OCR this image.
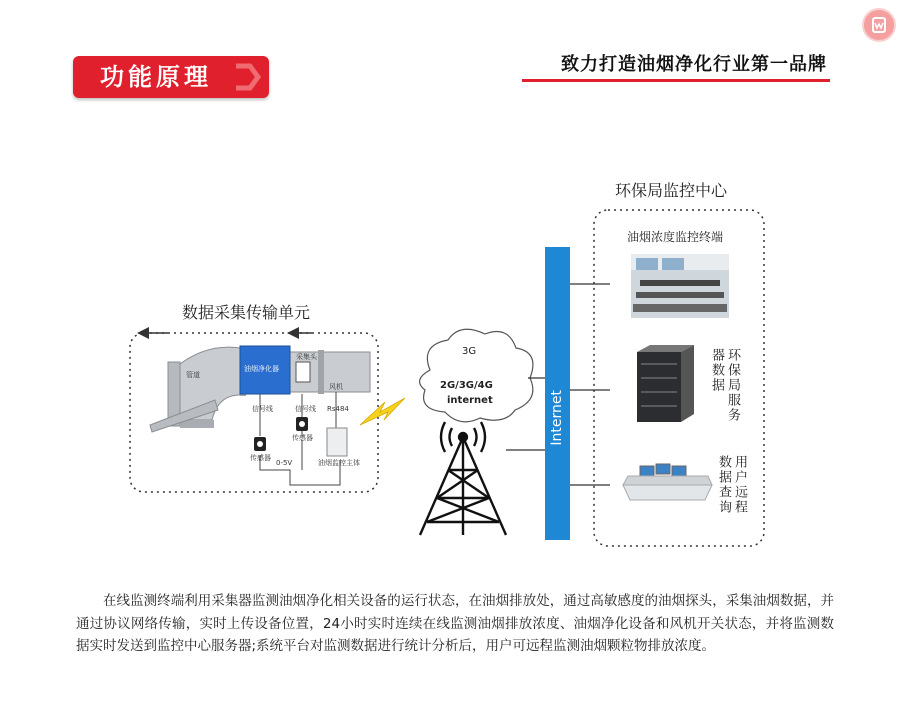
功能原理	致力打造油烟净化行业第一品牌
数据采集传输单元
环保局监控中心
管道
油烟净化器
采集头
风机
Rs484
信号线	信号线
传感器
传感器
0-5V	油烟监控主体
3G
2G/3G/4G
internet	Internet
油烟浓度监控终端
环保局服务器数据
用户远程数据查询
在线监测终端利用采集器监测油烟净化相关设备的运行状态，在油烟排放处，通过高敏感度的油烟探头，采集油烟数据，并通过协议网络传输，实时上传设备位置，24小时实时连续在线监测油烟排放浓度、油烟净化设备和风机开关状态，并将监测数据实时发送到监控中心服务器;系统平台对监测数据进行统计分析后，用户可远程监测油烟颗粒物排放浓度。
